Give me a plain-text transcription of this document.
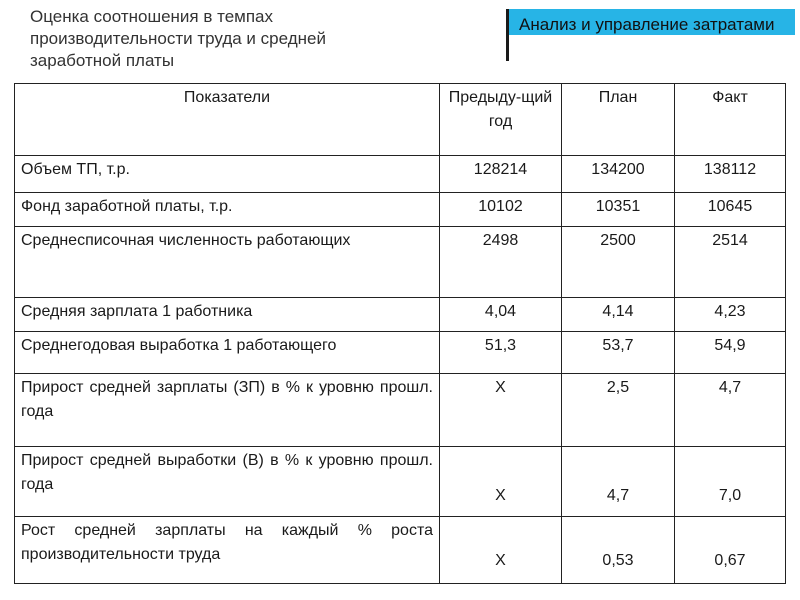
Оценка соотношения в темпах производительности труда и средней заработной платы
Анализ и управление затратами
Показатели	Предыду-щий год	План	Факт
Объем ТП, т.р.	128214	134200	138112
Фонд заработной платы, т.р.	10102	10351	10645
Среднесписочная численность работающих	2498	2500	2514
Средняя зарплата 1 работника	4,04	4,14	4,23
Среднегодовая выработка 1 работающего	51,3	53,7	54,9
Прирост средней зарплаты (ЗП) в % к уровню прошл. года	Х	2,5	4,7
Прирост средней выработки (В) в % к уровню прошл. года	Х	4,7	7,0
Рост средней зарплаты на каждый % роста производительности труда	Х	0,53	0,67
